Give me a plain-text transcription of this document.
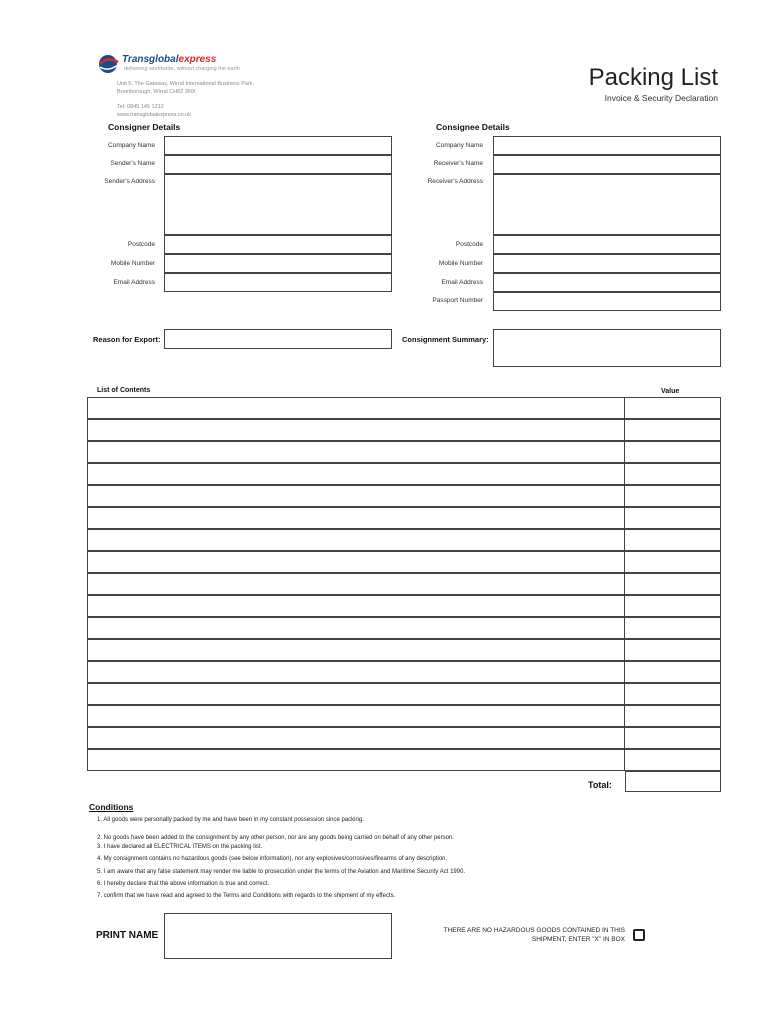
Transglobalexpress
delivering worldwide, without charging the earth
Unit 5, The Gateway, Wirral International Business Park,
Bromborough, Wirral CH62 3NX
Tel: 0845 145 1212
www.transglobalexpress.co.uk
Packing List
Invoice & Security Declaration
Consigner Details
Company Name
Sender's Name
Sender's Address
Postcode
Mobile Number
Email Address
Consignee Details
Company Name
Receiver's Name
Receiver's Address
Postcode
Mobile Number
Email Address
Passport Number
Reason for Export:	Consignment Summary:
List of Contents	Value
Total:
Conditions
1. All goods were personally packed by me and have been in my constant possession since packing.
2. No goods have been added to the consignment by any other person, nor are any goods being carried on behalf of any other person.
3. I have declared all ELECTRICAL ITEMS on the packing list.
4. My consignment contains no hazardous goods (see below information), nor any explosives/corrosives/firearms of any description.
5. I am aware that any false statement may render me liable to prosecution under the terms of the Aviation and Maritime Security Act 1990.
6. I hereby declare that the above information is true and correct.
7. confirm that we have read and agreed to the Terms and Conditions with regards to the shipment of my effects.
PRINT NAME	THERE ARE NO HAZARDOUS GOODS CONTAINED IN THIS
SHIPMENT, ENTER "X" IN BOX
